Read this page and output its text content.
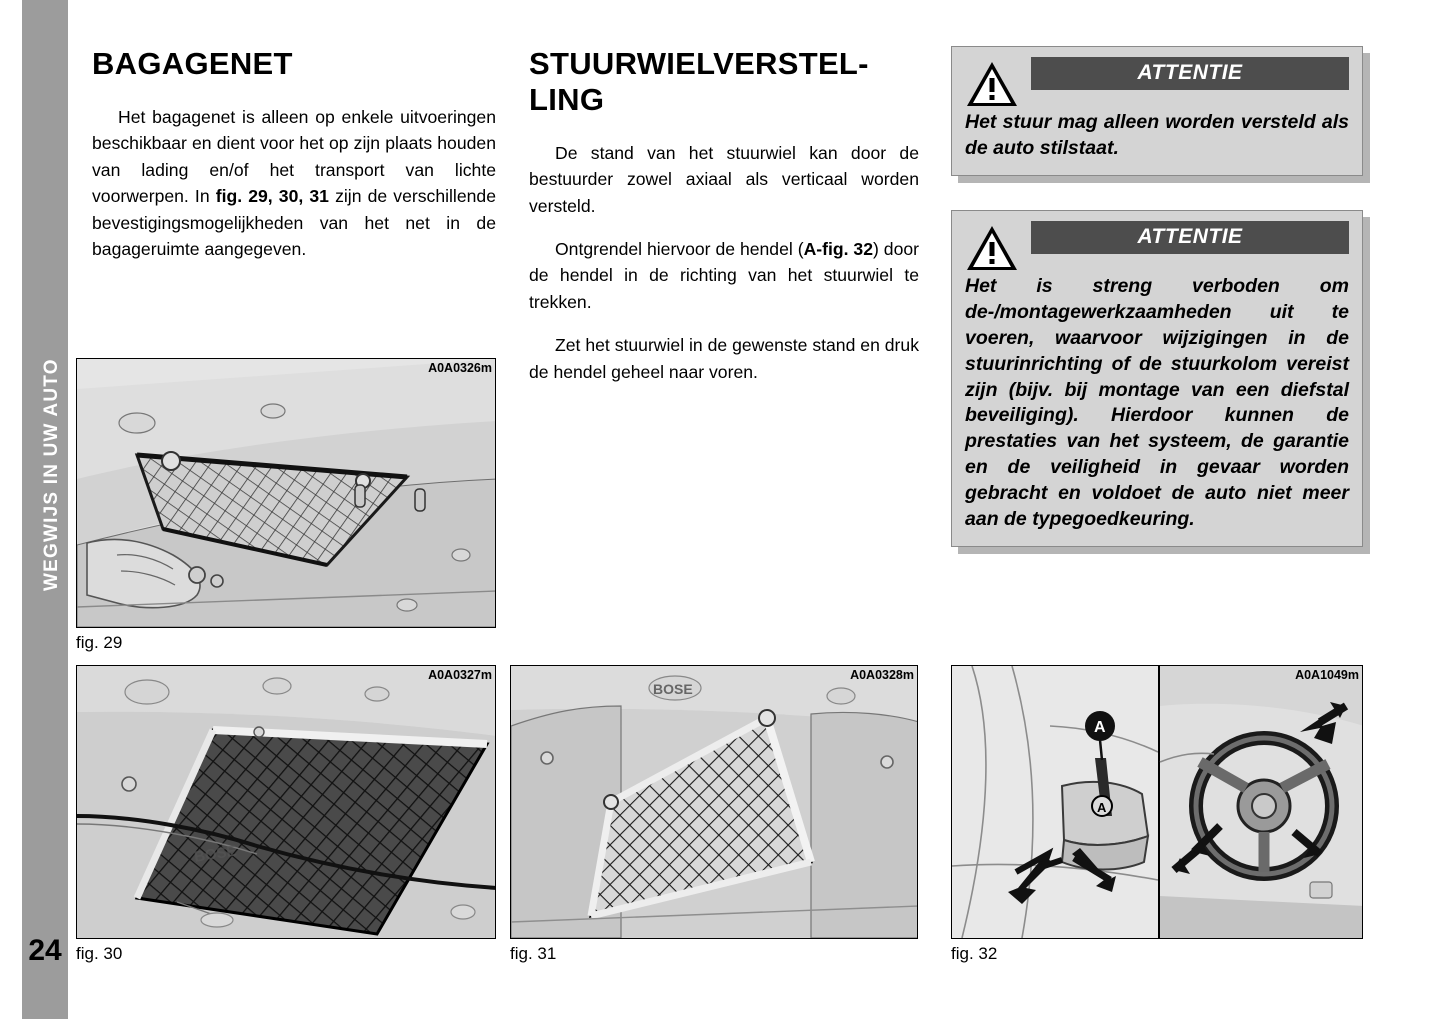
WEGWIJS IN UW AUTO
24
BAGAGENET

Het bagagenet is alleen op enkele uitvoeringen beschikbaar en dient voor het op zijn plaats houden van lading en/of het transport van lichte voorwerpen. In fig. 29, 30, 31 zijn de verschillende bevestigingsmogelijkheden van het net in de bagageruimte aangegeven.

STUURWIELVERSTEL-LING

De stand van het stuurwiel kan door de bestuurder zowel axiaal als verticaal worden versteld.

Ontgrendel hiervoor de hendel (A-fig. 32) door de hendel in de richting van het stuurwiel te trekken.

Zet het stuurwiel in de gewenste stand en druk de hendel geheel naar voren.

ATTENTIE
Het stuur mag alleen worden versteld als de auto stilstaat.
ATTENTIE
Het is streng verboden om de-/montagewerkzaamheden uit te voeren, waarvoor wijzigingen in de stuurinrichting of de stuurkolom vereist zijn (bijv. bij montage van een diefstal beveiliging). Hierdoor kunnen de prestaties van het systeem, de garantie en de veiligheid in gevaar worden gebracht en voldoet de auto niet meer aan de typegoedkeuring.
A0A0326m
fig. 29
BOSE
A0A0327m
fig. 30
BOSE
A0A0328m
fig. 31
A
A
A0A1049m
fig. 32
